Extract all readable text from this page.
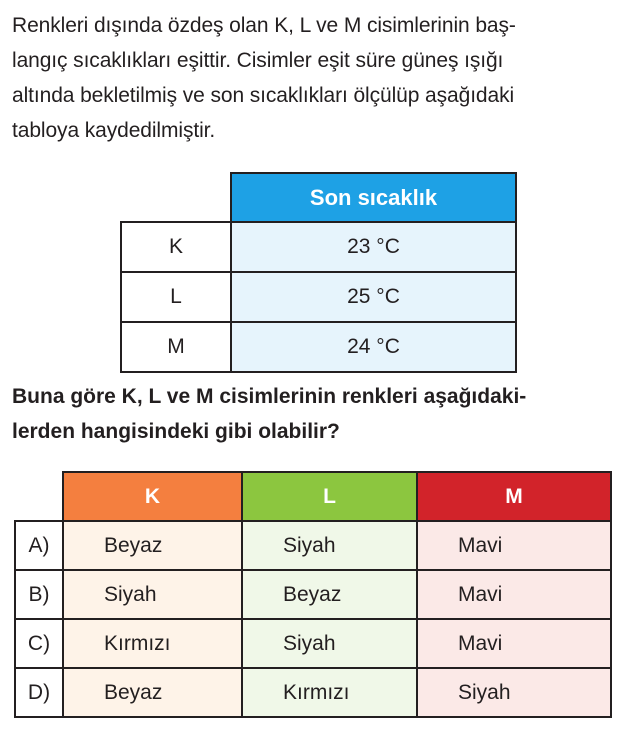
Renkleri dışında özdeş olan K, L ve M cisimlerinin baş-
langıç sıcaklıkları eşittir. Cisimler eşit süre güneş ışığı
altında bekletilmiş ve son sıcaklıkları ölçülüp aşağıdaki
tabloya kaydedilmiştir.

	Son sıcaklık
K	23 °C
L	25 °C
M	24 °C

Buna göre K, L ve M cisimlerinin renkleri aşağıdaki-
lerden hangisindeki gibi olabilir?

	K	L	M
A)	Beyaz	Siyah	Mavi
B)	Siyah	Beyaz	Mavi
C)	Kırmızı	Siyah	Mavi
D)	Beyaz	Kırmızı	Siyah
